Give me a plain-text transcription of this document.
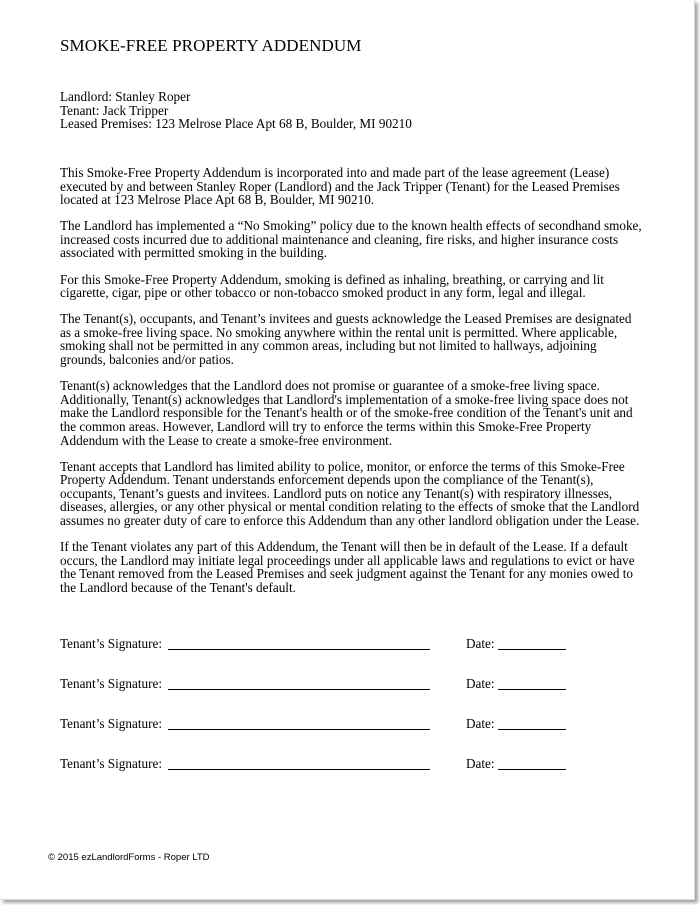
SMOKE-FREE PROPERTY ADDENDUM
Landlord: Stanley Roper
Tenant: Jack Tripper
Leased Premises: 123 Melrose Place Apt 68 B, Boulder, MI 90210

This Smoke-Free Property Addendum is incorporated into and made part of the lease agreement (Lease) executed by and between Stanley Roper (Landlord) and the Jack Tripper (Tenant) for the Leased Premises located at 123 Melrose Place Apt 68 B, Boulder, MI 90210.

The Landlord has implemented a “No Smoking” policy due to the known health effects of secondhand smoke, increased costs incurred due to additional maintenance and cleaning, fire risks, and higher insurance costs associated with permitted smoking in the building.

For this Smoke-Free Property Addendum, smoking is defined as inhaling, breathing, or carrying and lit cigarette, cigar, pipe or other tobacco or non-tobacco smoked product in any form, legal and illegal.

The Tenant(s), occupants, and Tenant’s invitees and guests acknowledge the Leased Premises are designated as a smoke-free living space. No smoking anywhere within the rental unit is permitted. Where applicable, smoking shall not be permitted in any common areas, including but not limited to hallways, adjoining grounds, balconies and/or patios.

Tenant(s) acknowledges that the Landlord does not promise or guarantee of a smoke-free living space. Additionally, Tenant(s) acknowledges that Landlord's implementation of a smoke-free living space does not make the Landlord responsible for the Tenant's health or of the smoke-free condition of the Tenant's unit and the common areas. However, Landlord will try to enforce the terms within this Smoke-Free Property Addendum with the Lease to create a smoke-free environment.

Tenant accepts that Landlord has limited ability to police, monitor, or enforce the terms of this Smoke-Free Property Addendum. Tenant understands enforcement depends upon the compliance of the Tenant(s), occupants, Tenant’s guests and invitees. Landlord puts on notice any Tenant(s) with respiratory illnesses, diseases, allergies, or any other physical or mental condition relating to the effects of smoke that the Landlord assumes no greater duty of care to enforce this Addendum than any other landlord obligation under the Lease.

If the Tenant violates any part of this Addendum, the Tenant will then be in default of the Lease. If a default occurs, the Landlord may initiate legal proceedings under all applicable laws and regulations to evict or have the Tenant removed from the Leased Premises and seek judgment against the Tenant for any monies owed to the Landlord because of the Tenant's default.

Tenant’s Signature:	Date:
Tenant’s Signature:	Date:
Tenant’s Signature:	Date:
Tenant’s Signature:	Date:
© 2015 ezLandlordForms - Roper LTD
